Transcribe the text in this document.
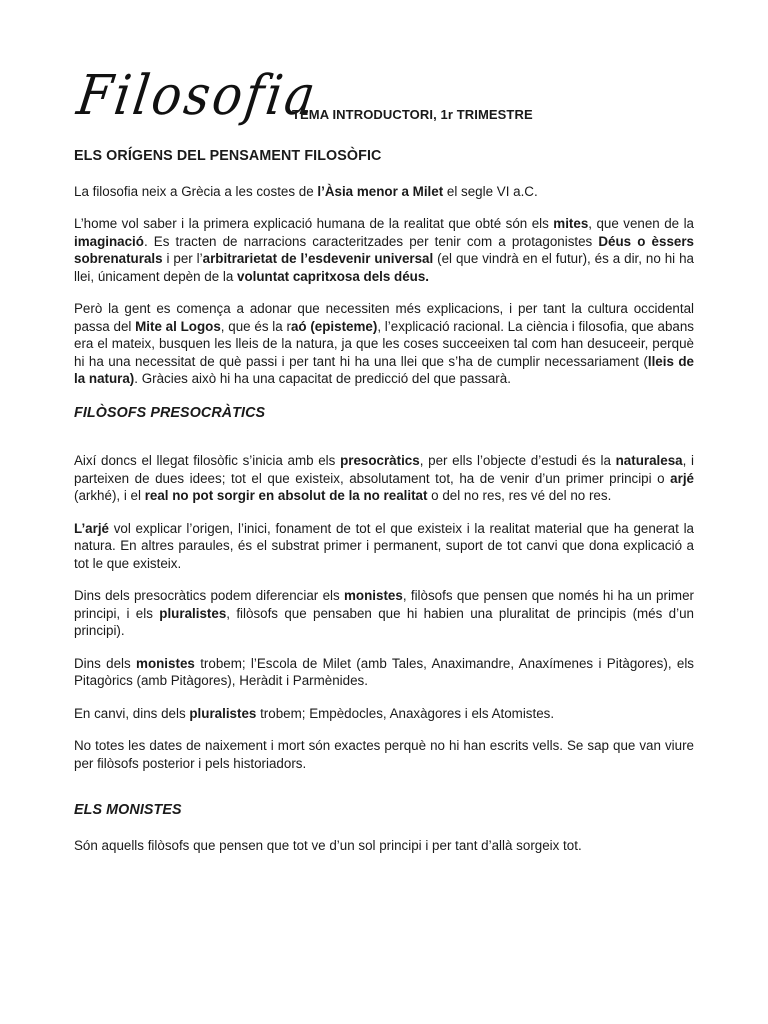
Filosofia
TEMA INTRODUCTORI, 1r TRIMESTRE
ELS ORÍGENS DEL PENSAMENT FILOSÒFIC

La filosofia neix a Grècia a les costes de l’Àsia menor a Milet el segle VI a.C.

L’home vol saber i la primera explicació humana de la realitat que obté són els mites, que venen de la imaginació. Es tracten de narracions caracteritzades per tenir com a protagonistes Déus o èssers sobrenaturals i per l’arbitrarietat de l’esdevenir universal (el que vindrà en el futur), és a dir, no hi ha llei, únicament depèn de la voluntat capritxosa dels déus.

Però la gent es comença a adonar que necessiten més explicacions, i per tant la cultura occidental passa del Mite al Logos, que és la raó (episteme), l’explicació racional. La ciència i filosofia, que abans era el mateix, busquen les lleis de la natura, ja que les coses succeeixen tal com han desuceeir, perquè hi ha una necessitat de què passi i per tant hi ha una llei que s’ha de cumplir necessariament (lleis de la natura). Gràcies això hi ha una capacitat de predicció del que passarà.

FILÒSOFS PRESOCRÀTICS

Així doncs el llegat filosòfic s’inicia amb els presocràtics, per ells l’objecte d’estudi és la naturalesa, i parteixen de dues idees; tot el que existeix, absolutament tot, ha de venir d’un primer principi o arjé (arkhé), i el real no pot sorgir en absolut de la no realitat o del no res, res vé del no res.

L’arjé vol explicar l’origen, l’inici, fonament de tot el que existeix i la realitat material que ha generat la natura. En altres paraules, és el substrat primer i permanent, suport de tot canvi que dona explicació a tot le que existeix.

Dins dels presocràtics podem diferenciar els monistes, filòsofs que pensen que només hi ha un primer principi, i els pluralistes, filòsofs que pensaben que hi habien una pluralitat de principis (més d’un principi).

Dins dels monistes trobem; l’Escola de Milet (amb Tales, Anaximandre, Anaxímenes i Pitàgores), els Pitagòrics (amb Pitàgores), Heràdit i Parmènides.

En canvi, dins dels pluralistes trobem; Empèdocles, Anaxàgores i els Atomistes.

No totes les dates de naixement i mort són exactes perquè no hi han escrits vells. Se sap que van viure per filòsofs posterior i pels historiadors.

ELS MONISTES

Són aquells filòsofs que pensen que tot ve d’un sol principi i per tant d’allà sorgeix tot.
